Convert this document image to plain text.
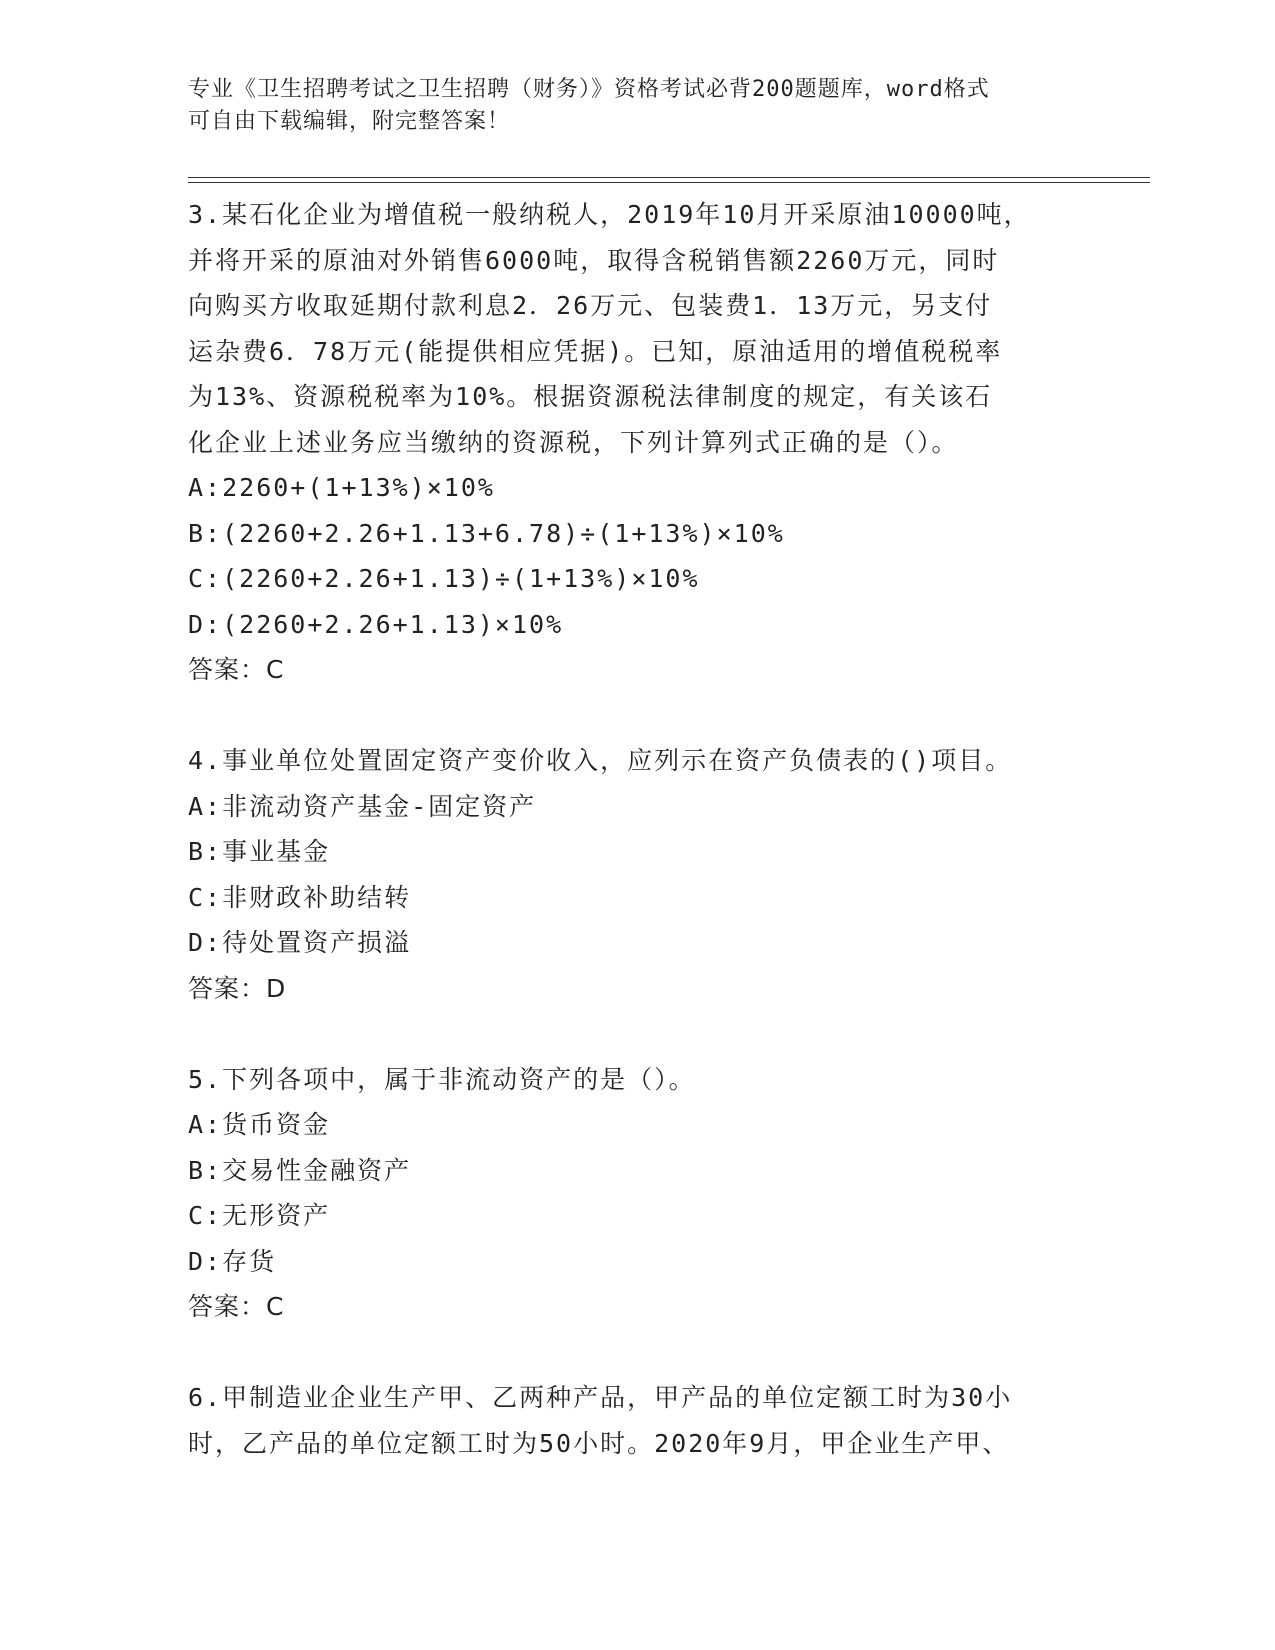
专业《卫生招聘考试之卫生招聘（财务）》资格考试必背200题题库，word格式
可自由下载编辑，附完整答案！
3.某石化企业为增值税一般纳税人，2019年10月开采原油10000吨，
并将开采的原油对外销售6000吨，取得含税销售额2260万元，同时
向购买方收取延期付款利息2．26万元、包装费1．13万元，另支付
运杂费6．78万元(能提供相应凭据)。已知，原油适用的增值税税率
为13%、资源税税率为10%。根据资源税法律制度的规定，有关该石
化企业上述业务应当缴纳的资源税，下列计算列式正确的是（）。
A:2260+(1+13%)×10%
B:(2260+2.26+1.13+6.78)÷(1+13%)×10%
C:(2260+2.26+1.13)÷(1+13%)×10%
D:(2260+2.26+1.13)×10%
答案：C
4.事业单位处置固定资产变价收入，应列示在资产负债表的()项目。
A:非流动资产基金-固定资产
B:事业基金
C:非财政补助结转
D:待处置资产损溢
答案：D
5.下列各项中，属于非流动资产的是（）。
A:货币资金
B:交易性金融资产
C:无形资产
D:存货
答案：C
6.甲制造业企业生产甲、乙两种产品，甲产品的单位定额工时为30小
时，乙产品的单位定额工时为50小时。2020年9月，甲企业生产甲、
